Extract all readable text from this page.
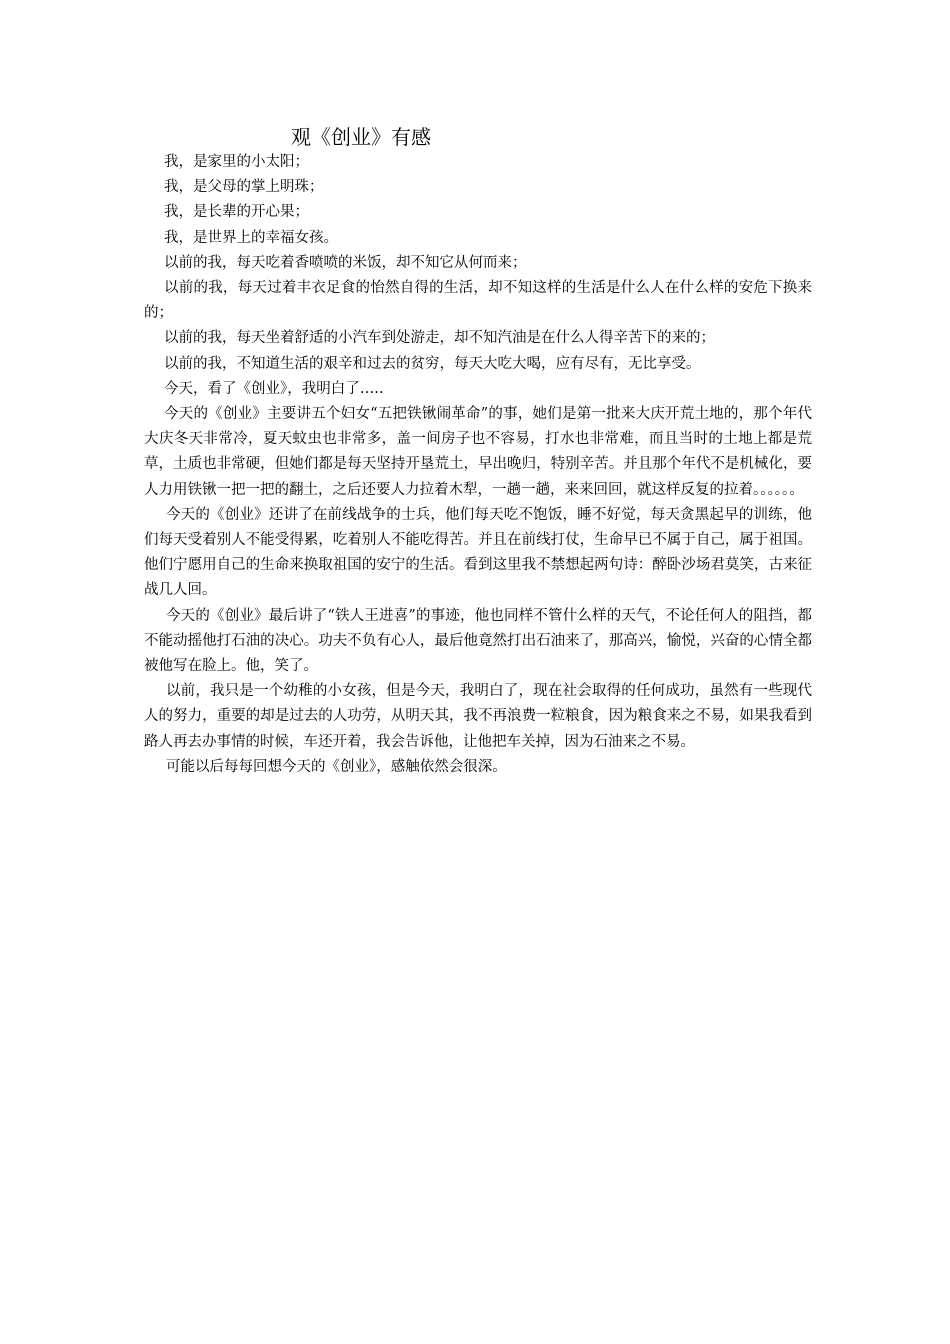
观《创业》有感

我，是家里的小太阳；

我，是父母的掌上明珠；

我，是长辈的开心果；

我，是世界上的幸福女孩。

以前的我，每天吃着香喷喷的米饭，却不知它从何而来；

以前的我，每天过着丰衣足食的怡然自得的生活，却不知这样的生活是什么人在什么样的安危下换来的；

以前的我，每天坐着舒适的小汽车到处游走，却不知汽油是在什么人得辛苦下的来的；

以前的我，不知道生活的艰辛和过去的贫穷，每天大吃大喝，应有尽有，无比享受。

今天，看了《创业》，我明白了…..

今天的《创业》主要讲五个妇女“五把铁锹闹革命”的事，她们是第一批来大庆开荒土地的，那个年代大庆冬天非常冷，夏天蚊虫也非常多，盖一间房子也不容易，打水也非常难，而且当时的土地上都是荒草，土质也非常硬，但她们都是每天坚持开垦荒土，早出晚归，特别辛苦。并且那个年代不是机械化，要人力用铁锹一把一把的翻土，之后还要人力拉着木犁，一趟一趟，来来回回，就这样反复的拉着。。。。。。

今天的《创业》还讲了在前线战争的士兵，他们每天吃不饱饭，睡不好觉，每天贪黑起早的训练，他们每天受着别人不能受得累，吃着别人不能吃得苦。并且在前线打仗，生命早已不属于自己，属于祖国。他们宁愿用自己的生命来换取祖国的安宁的生活。看到这里我不禁想起两句诗：醉卧沙场君莫笑，古来征战几人回。

今天的《创业》最后讲了“铁人王进喜”的事迹，他也同样不管什么样的天气，不论任何人的阻挡，都不能动摇他打石油的决心。功夫不负有心人，最后他竟然打出石油来了，那高兴，愉悦，兴奋的心情全都被他写在脸上。他，笑了。

以前，我只是一个幼稚的小女孩，但是今天，我明白了，现在社会取得的任何成功，虽然有一些现代人的努力，重要的却是过去的人功劳，从明天其，我不再浪费一粒粮食，因为粮食来之不易，如果我看到路人再去办事情的时候，车还开着，我会告诉他，让他把车关掉，因为石油来之不易。

可能以后每每回想今天的《创业》，感触依然会很深。
